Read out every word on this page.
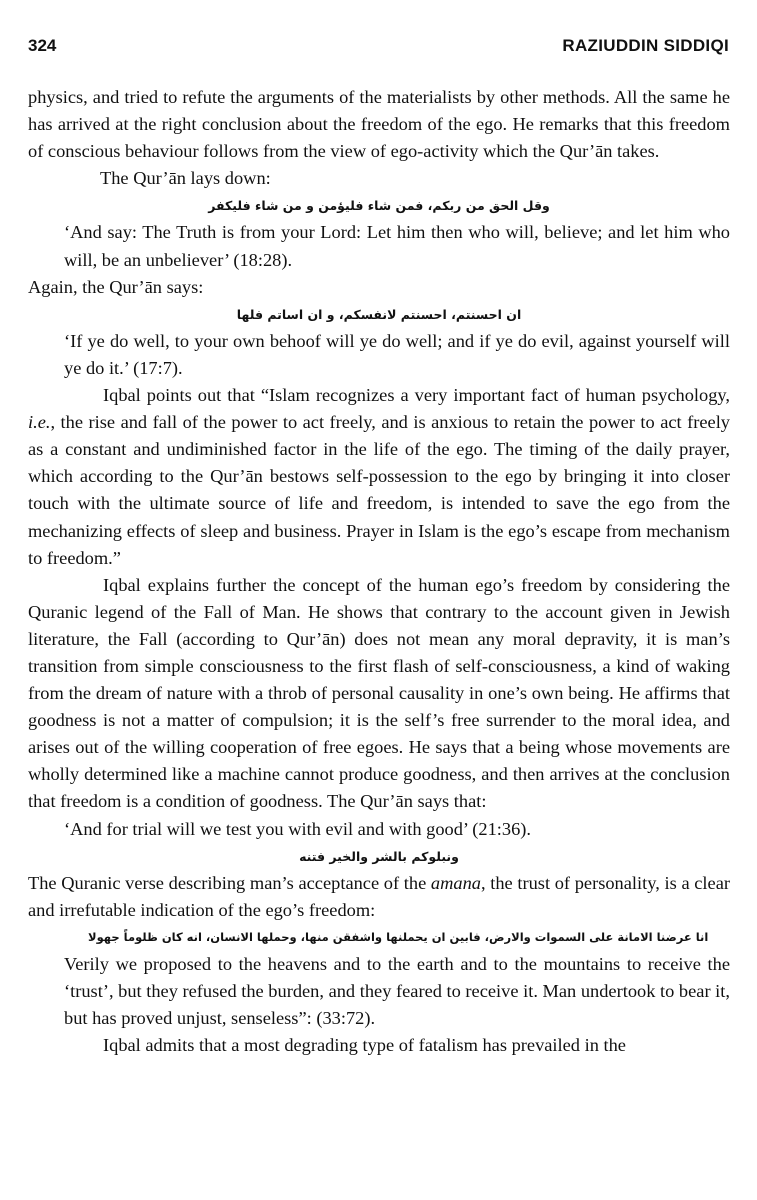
324	RAZIUDDIN SIDDIQI

physics, and tried to refute the arguments of the materialists by other methods. All the same he has arrived at the right conclusion about the freedom of the ego. He remarks that this freedom of conscious behaviour follows from the view of ego-activity which the Qur’ān takes.

The Qur’ān lays down:

وقل الحق من ربكم، فمن شاء فليؤمن و من شاء فليكفر

‘And say: The Truth is from your Lord: Let him then who will, believe; and let him who will, be an unbeliever’ (18:28).

Again, the Qur’ān says:

ان احسنتم، احسنتم لانفسكم، و ان اساتم فلها

‘If ye do well, to your own behoof will ye do well; and if ye do evil, against yourself will ye do it.’ (17:7).

Iqbal points out that “Islam recognizes a very important fact of human psychology, i.e., the rise and fall of the power to act freely, and is anxious to retain the power to act freely as a constant and undiminished factor in the life of the ego. The timing of the daily prayer, which according to the Qur’ān bestows self-possession to the ego by bringing it into closer touch with the ultimate source of life and freedom, is intended to save the ego from the mechanizing effects of sleep and business. Prayer in Islam is the ego’s escape from mechanism to freedom.”

Iqbal explains further the concept of the human ego’s freedom by considering the Quranic legend of the Fall of Man. He shows that contrary to the account given in Jewish literature, the Fall (according to Qur’ān) does not mean any moral depravity, it is man’s transition from simple consciousness to the first flash of self-consciousness, a kind of waking from the dream of nature with a throb of personal causality in one’s own being. He affirms that goodness is not a matter of compulsion; it is the self’s free surrender to the moral idea, and arises out of the willing cooperation of free egoes. He says that a being whose movements are wholly determined like a machine cannot produce goodness, and then arrives at the conclusion that freedom is a condition of goodness. The Qur’ān says that:

‘And for trial will we test you with evil and with good’ (21:36).

ونبلوكم بالشر والخير فتنه

The Quranic verse describing man’s acceptance of the amana, the trust of personality, is a clear and irrefutable indication of the ego’s freedom:

انا عرضنا الامانة على السموات والارض، فابين ان يحملنها واشفقن منها، وحملها الانسان، انه كان ظلوماً جهولا

Verily we proposed to the heavens and to the earth and to the mountains to receive the ‘trust’, but they refused the burden, and they feared to receive it. Man undertook to bear it, but has proved unjust, senseless”: (33:72).

Iqbal admits that a most degrading type of fatalism has prevailed in the
